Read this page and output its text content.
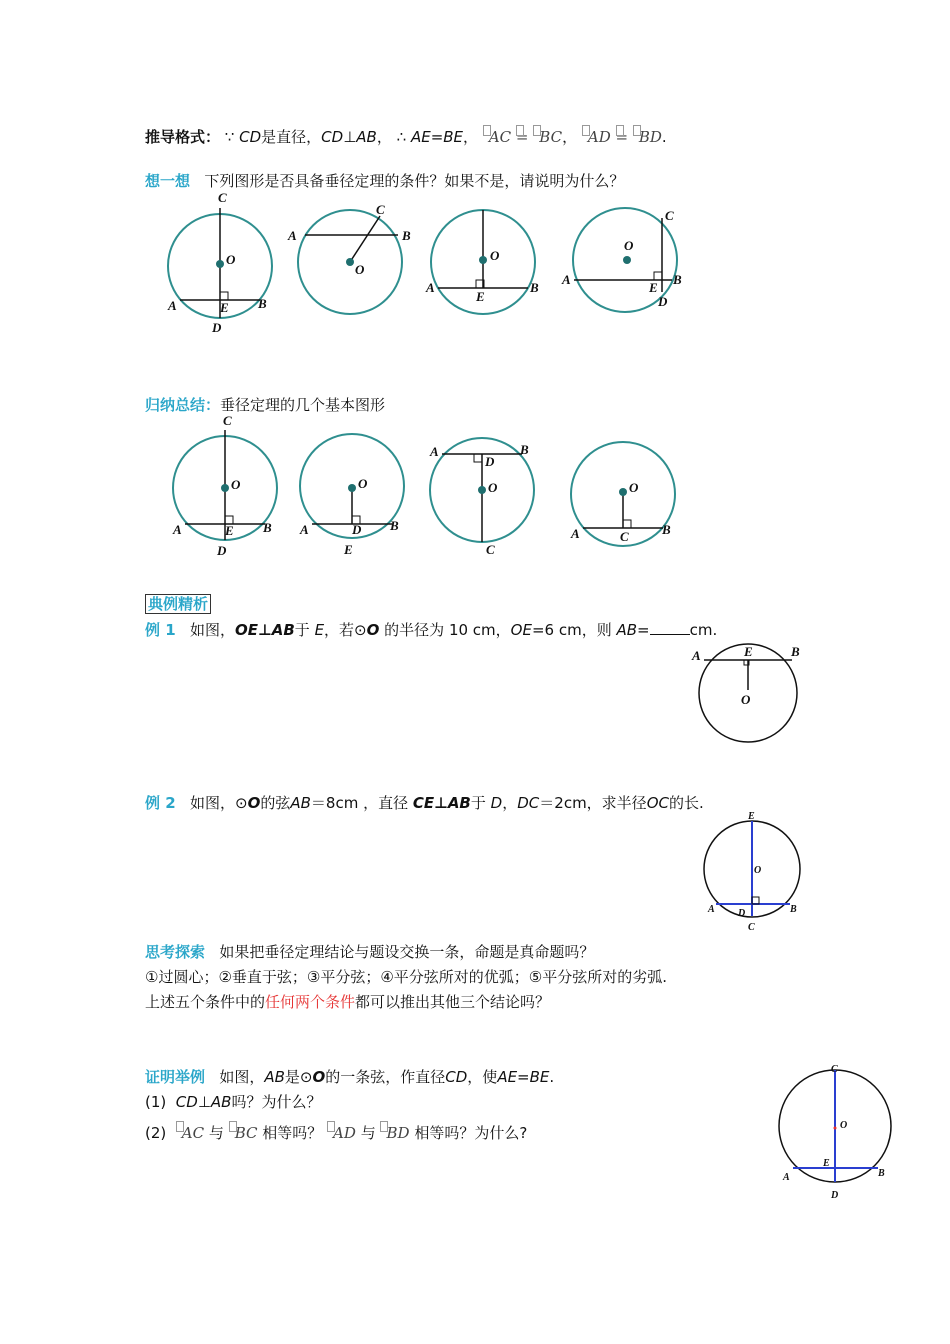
推导格式： ∵ CD是直径，CD⊥AB， ∴ AE=BE， AC = BC， AD = BD.
想一想 下列图形是否具备垂径定理的条件？如果不是，请说明为什么？
C
O
A	B
E
D
A	B
C
O
O
A	B
E
C
O
A	B
E
D
归纳总结：垂径定理的几个基本图形
C
O
A	B
E
D
O
A	B
D
E
A	B
D
O
C
O
A	B
C
典例精析
例 1 如图，OE⊥AB于 E，若⊙O 的半径为 10 cm，OE=6 cm，则 AB=	cm.
A	E	B
O
例 2 如图，⊙O的弦AB＝8cm ，直径 CE⊥AB于 D，DC＝2cm，求半径OC的长.
E
O
A D	B
C
思考探索 如果把垂径定理结论与题设交换一条，命题是真命题吗？
①过圆心；②垂直于弦；③平分弦；④平分弦所对的优弧；⑤平分弦所对的劣弧.
上述五个条件中的任何两个条件都可以推出其他三个结论吗？
证明举例 如图，AB是⊙O的一条弦，作直径CD，使AE=BE.
(1) CD⊥AB吗？为什么？
(2) AC 与 BC 相等吗？ AD 与 BD 相等吗？为什么?
C
O
E
A	B
D
